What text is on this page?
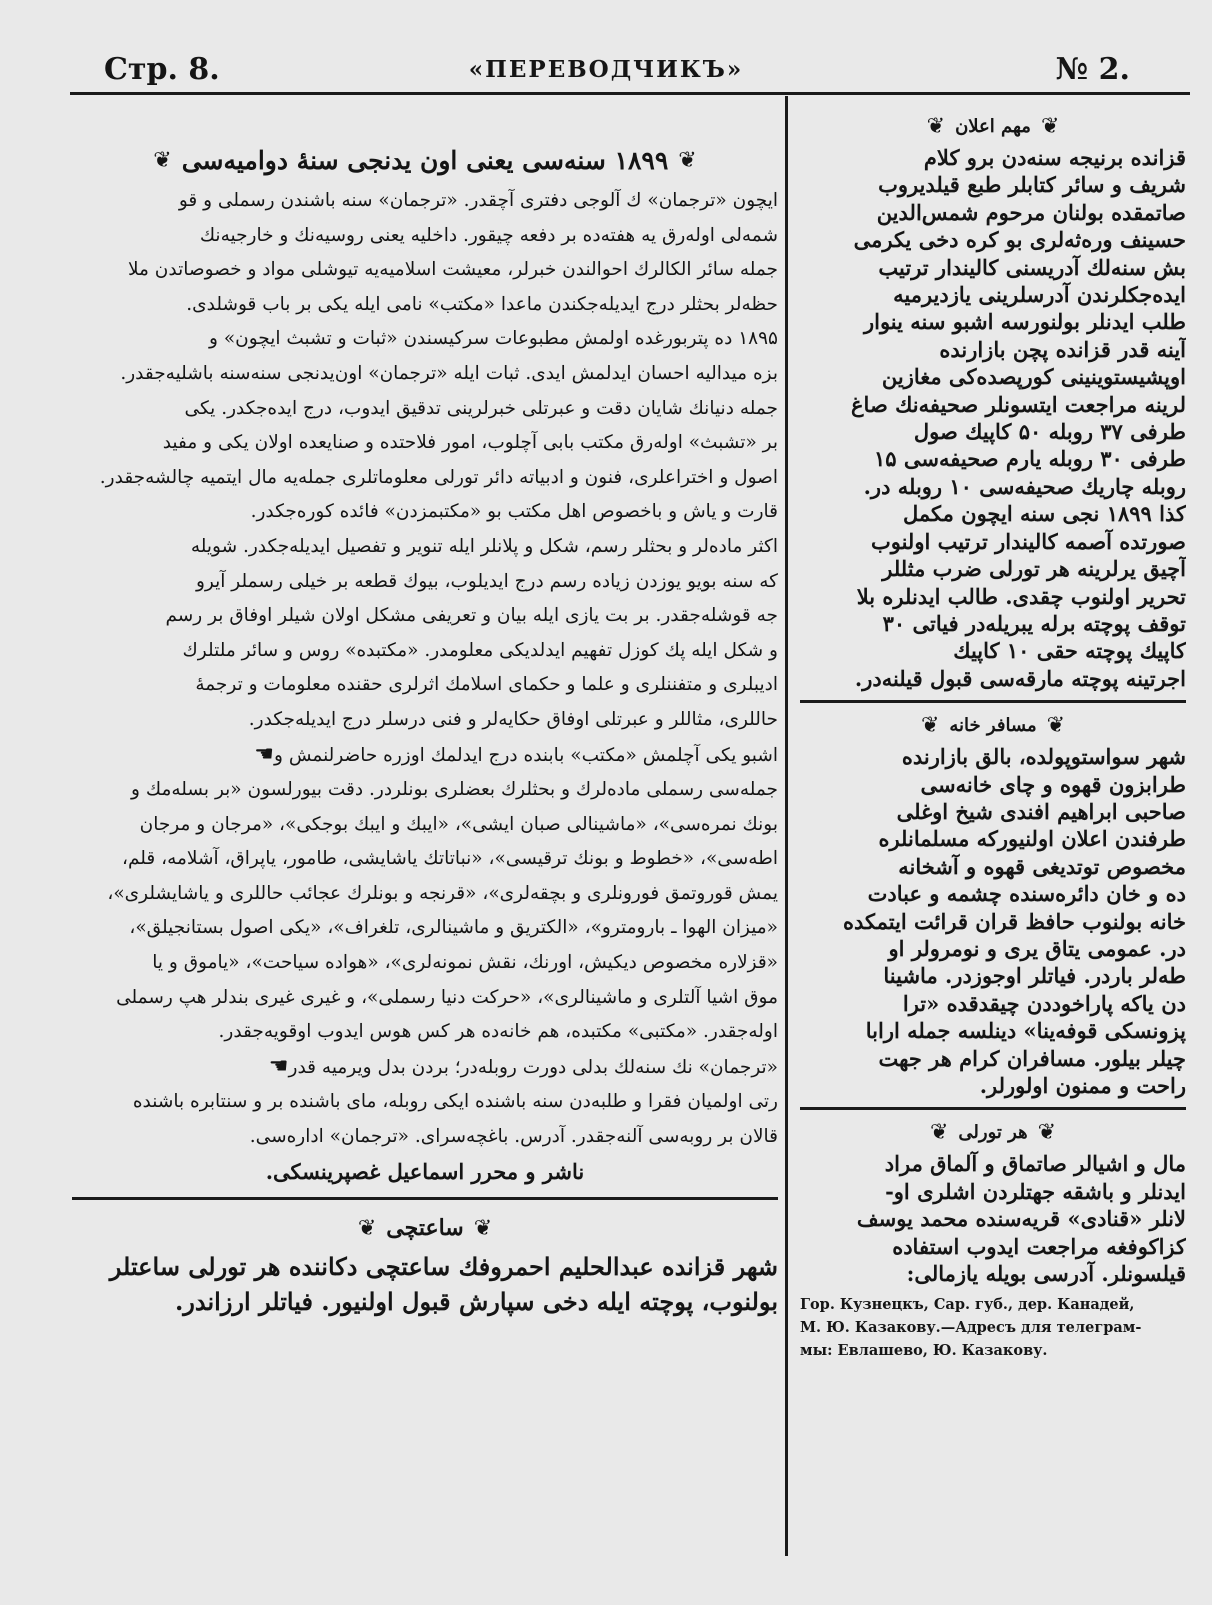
Стр. 8.	«ПЕРЕВОДЧИКЪ»	№ 2.
❦
۱۸۹۹ سنه‌سی یعنی اون یدنجی سنهٔ دوامیه‌سی
❦
ایچون «ترجمان» ك آلوجی دفتری آچقدر. «ترجمان» سنه باشندن رسملی و قو
شمه‌لی اوله‌رق یه هفته‌ده بر دفعه چیقور. داخلیه یعنی روسیه‌نك و خارجیه‌نك
جمله سائر الکالرك احوالندن خبرلر، معیشت اسلامیه‌یه تیوشلی مواد و خصوصاتدن ملا
حظه‌لر بحثلر درج ایدیله‌جکندن ماعدا «مکتب» نامی ایله یکی بر باب قوشلدی.
۱۸۹۵ ده پتربورغده اولمش مطبوعات سرکیسندن «ثبات و تشبث ایچون» و
بزه میدالیه احسان ایدلمش ایدی. ثبات ایله «ترجمان» اون‌یدنجی سنه‌سنه باشلیه‌جقدر.
جمله دنیانك شایان دقت و عبرتلی خبرلرینی تدقیق ایدوب، درج ایده‌جکدر. یکی
بر «تشبث» اوله‌رق مکتب بابی آچلوب، امور فلاحتده و صنایعده اولان یکی و مفید
اصول و اختراعلری، فنون و ادبیاته دائر تورلی معلوماتلری جمله‌یه مال ایتمیه چالشه‌جقدر.
قارت و یاش و باخصوص اهل مکتب بو «مکتبمزدن» فائده کوره‌جکدر.
اکثر ماده‌لر و بحثلر رسم، شکل و پلانلر ایله تنویر و تفصیل ایدیله‌جکدر. شویله
که سنه بویو یوزدن زیاده رسم درج ایدیلوب، بیوك قطعه بر خیلی رسملر آیرو
جه قوشله‌جقدر. بر بت یازی ایله بیان و تعریفی مشکل اولان شیلر اوفاق بر رسم
و شکل ایله پك کوزل تفهیم ایدلدیکی معلومدر. «مکتبده» روس و سائر ملتلرك
ادیبلری و متفننلری و علما و حکمای اسلامك اثرلری حقنده معلومات و ترجمهٔ
حاللری، مثاللر و عبرتلی اوفاق حکایه‌لر و فنی درسلر درج ایدیله‌جکدر.
اشبو یکی آچلمش «مکتب» بابنده درج ایدلمك اوزره حاضرلنمش و☚
جمله‌سی رسملی ماده‌لرك و بحثلرك بعضلری بونلردر. دقت بیورلسون «بر بسله‌مك و
بونك نمره‌سی»، «ماشینالی صبان ایشی»، «ایبك و ایبك بوجکی»، «مرجان و مرجان
اطه‌سی»، «خطوط و بونك ترقیسی»، «نباتاتك یاشایشی، طامور، یاپراق، آشلامه، قلم،
یمش قوروتمق فورونلری و بچقه‌لری»، «قرنجه و بونلرك عجائب حاللری و یاشایشلری»،
«میزان الهوا ـ بارومترو»، «الکتریق و ماشینالری، تلغراف»، «یکی اصول بستانجیلق»،
«قزلاره مخصوص دیکیش، اورنك، نقش نمونه‌لری»، «هواده سیاحت»، «یاموق و یا
موق اشیا آلتلری و ماشینالری»، «حرکت دنیا رسملی»، و غیری غیری بندلر هپ رسملی
اوله‌جقدر. «مکتبی» مکتبده، هم خانه‌ده هر کس هوس ایدوب اوقویه‌جقدر.
«ترجمان» نك سنه‌لك بدلی دورت روبله‌در؛ بردن بدل ویرمیه قدر☚
رتی اولمیان فقرا و طلبه‌دن سنه باشنده ایکی روبله، مای باشنده بر و سنتابره باشنده
قالان بر روبه‌سی آلنه‌جقدر. آدرس. باغچه‌سرای. «ترجمان» اداره‌سی.
ناشر و محرر اسماعیل غصپرینسکی.
❦
ساعتچی
❦
شهر قزانده عبدالحلیم احمروفك ساعتچی دکاننده هر تورلی ساعتلر
بولنوب، پوچته ایله دخی سپارش قبول اولنیور. فیاتلر ارزاندر.
❦
مهم اعلان
❦
قزانده برنیجه سنه‌دن برو کلام
شریف و سائر کتابلر طبع قیلدیروب
صاتمقده بولنان مرحوم شمس‌الدین
حسینف وره‌ثه‌لری بو کره دخی یکرمی
بش سنه‌لك آدریسنی کالیندار ترتیب
ایده‌جکلرندن آدرسلرینی یازدیرمیه
طلب ایدنلر بولنورسه اشبو سنه ینوار
آینه قدر قزانده پچن بازارنده
اوپشیستوینینی کورپصده‌کی مغازین
لرینه مراجعت ایتسونلر صحیفه‌نك صاغ
طرفی ۳۷ روبله ۵۰ کاپیك صول
طرفی ۳۰ روبله یارم صحیفه‌سی ۱۵
روبله چاریك صحیفه‌سی ۱۰ روبله در.
کذا ۱۸۹۹ نجی سنه ایچون مکمل
صورتده آصمه کالیندار ترتیب اولنوب
آچیق یرلرینه هر تورلی ضرب مثللر
تحریر اولنوب چقدی. طالب ایدنلره بلا
توقف پوچته برله یبریله‌در فیاتی ۳۰
کاپیك پوچته حقی ۱۰ کاپیك
اجرتینه پوچته مارقه‌سی قبول قیلنه‌در.
❦
مسافر خانه
❦
شهر سواستوپولده، بالق بازارنده
طرابزون قهوه و چای خانه‌سی
صاحبی ابراهیم افندی شیخ اوغلی
طرفندن اعلان اولنیورکه مسلمانلره
مخصوص توتدیغی قهوه و آشخانه
ده و خان دائره‌سنده چشمه و عبادت
خانه بولنوب حافظ قران قرائت ایتمکده
در. عمومی یتاق یری و نومرولر او
طه‌لر باردر. فیاتلر اوجوزدر. ماشینا
دن یاکه پاراخوددن چیقدقده «ترا
پزونسکی قوفه‌ینا» دینلسه جمله ارابا
چیلر بیلور. مسافران کرام هر جهت
راحت و ممنون اولورلر.
❦
هر تورلی
❦
مال و اشیالر صاتماق و آلماق مراد
ایدنلر و باشقه جهتلردن اشلری او-
لانلر «قنادی» قریه‌سنده محمد یوسف
کزاکوفغه مراجعت ایدوب استفاده
قیلسونلر. آدرسی بویله یازمالی:
Гор. Кузнецкъ, Сар. губ., дер. Канадей,
М. Ю. Казакову.—Адресъ для телеграм-
мы: Евлашево, Ю. Казакову.
